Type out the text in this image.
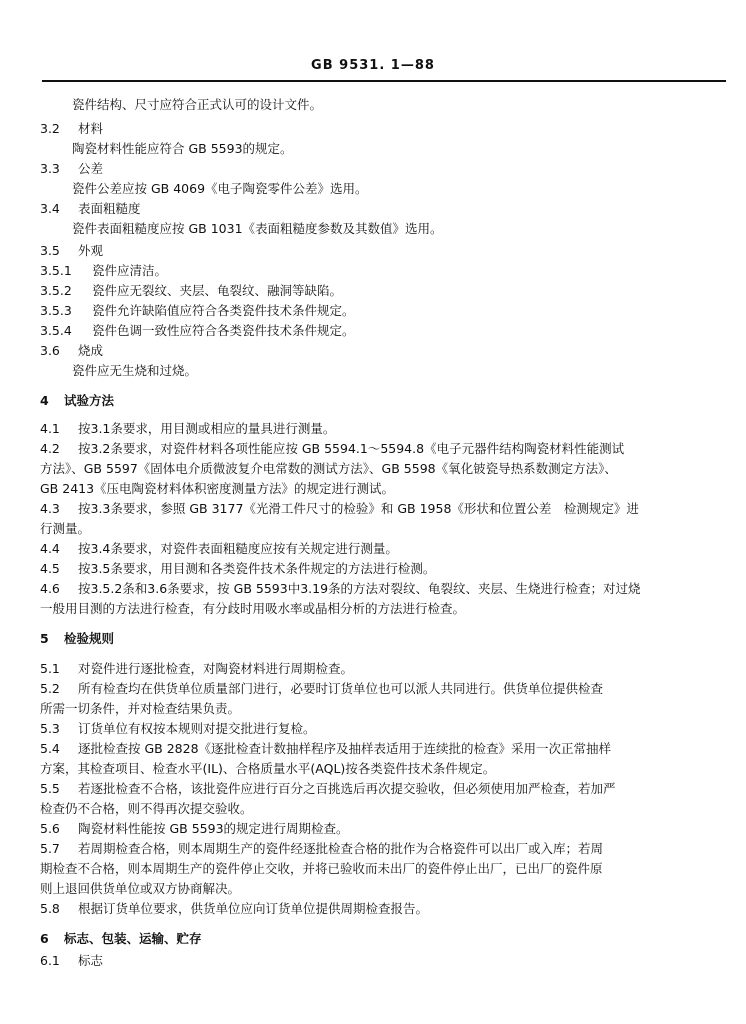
GB 9531. 1—88
瓷件结构、尺寸应符合正式认可的设计文件。
3.2 材料
陶瓷材料性能应符合 GB 5593的规定。
3.3 公差
瓷件公差应按 GB 4069《电子陶瓷零件公差》选用。
3.4 表面粗糙度
瓷件表面粗糙度应按 GB 1031《表面粗糙度参数及其数值》选用。
3.5 外观
3.5.1 瓷件应清洁。
3.5.2 瓷件应无裂纹、夹层、龟裂纹、融洞等缺陷。
3.5.3 瓷件允许缺陷值应符合各类瓷件技术条件规定。
3.5.4 瓷件色调一致性应符合各类瓷件技术条件规定。
3.6 烧成
瓷件应无生烧和过烧。
4 试验方法
4.1 按3.1条要求，用目测或相应的量具进行测量。
4.2 按3.2条要求，对瓷件材料各项性能应按 GB 5594.1～5594.8《电子元器件结构陶瓷材料性能测试
方法》、GB 5597《固体电介质微波复介电常数的测试方法》、GB 5598《氧化铍瓷导热系数测定方法》、
GB 2413《压电陶瓷材料体积密度测量方法》的规定进行测试。
4.3 按3.3条要求，参照 GB 3177《光滑工件尺寸的检验》和 GB 1958《形状和位置公差　检测规定》进
行测量。
4.4 按3.4条要求，对瓷件表面粗糙度应按有关规定进行测量。
4.5 按3.5条要求，用目测和各类瓷件技术条件规定的方法进行检测。
4.6 按3.5.2条和3.6条要求，按 GB 5593中3.19条的方法对裂纹、龟裂纹、夹层、生烧进行检查；对过烧
一般用目测的方法进行检查，有分歧时用吸水率或晶相分析的方法进行检查。
5 检验规则
5.1 对瓷件进行逐批检查，对陶瓷材料进行周期检查。
5.2 所有检查均在供货单位质量部门进行，必要时订货单位也可以派人共同进行。供货单位提供检查
所需一切条件，并对检查结果负责。
5.3 订货单位有权按本规则对提交批进行复检。
5.4 逐批检查按 GB 2828《逐批检查计数抽样程序及抽样表适用于连续批的检查》采用一次正常抽样
方案，其检查项目、检查水平(IL)、合格质量水平(AQL)按各类瓷件技术条件规定。
5.5 若逐批检查不合格，该批瓷件应进行百分之百挑选后再次提交验收，但必须使用加严检查，若加严
检查仍不合格，则不得再次提交验收。
5.6 陶瓷材料性能按 GB 5593的规定进行周期检查。
5.7 若周期检查合格，则本周期生产的瓷件经逐批检查合格的批作为合格瓷件可以出厂或入库；若周
期检查不合格，则本周期生产的瓷件停止交收，并将已验收而未出厂的瓷件停止出厂，已出厂的瓷件原
则上退回供货单位或双方协商解决。
5.8 根据订货单位要求，供货单位应向订货单位提供周期检查报告。
6 标志、包装、运输、贮存
6.1 标志
